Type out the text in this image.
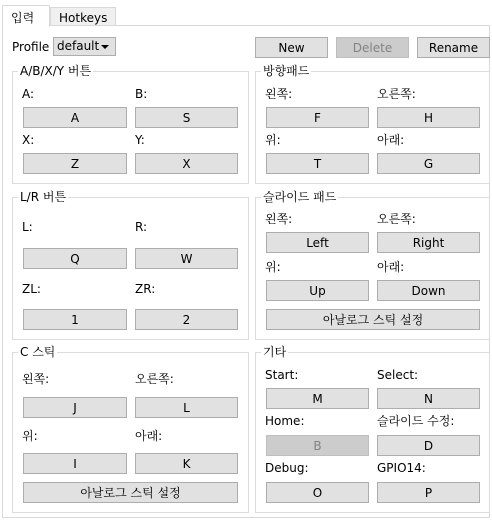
입력	Hotkeys
Profile default	New	Delete	Rename
A/B/X/Y 버튼
A:	B:
A	S
X:	Y:
Z	X
방향패드
왼쪽:	오른쪽:
F	H
위:	아래:
T	G
L/R 버튼
L:	R:
Q	W
ZL:	ZR:
1	2
슬라이드 패드
왼쪽:	오른쪽:
Left	Right
위:	아래:
Up	Down
아날로그 스틱 설정
C 스틱
왼쪽:	오른쪽:
J	L
위:	아래:
I	K
아날로그 스틱 설정
기타
Start:	Select:
M	N
Home:	슬라이드 수정:
B	D
Debug:	GPIO14:
O	P
